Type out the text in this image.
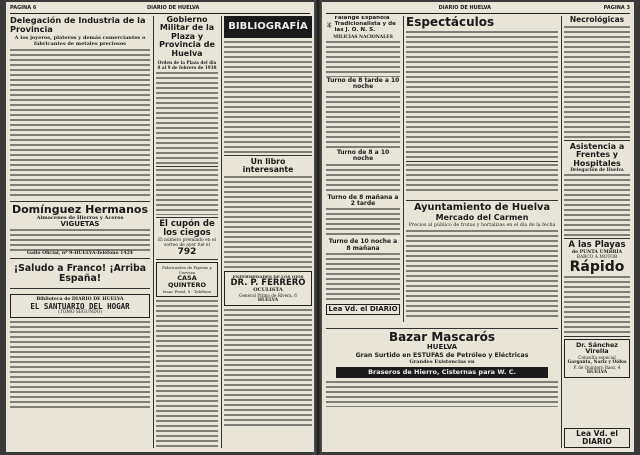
PAGINA 6	DIARIO DE HUELVA

Delegación de Industria de la Provincia

A los joyeros, plateros y demás comerciantes o fabricantes de metales preciosos

Domínguez Hermanos

Almacenes de Hierros y Aceros

VIGUETAS

Gallo Oficial, nº 9-HUELVA-Teléfono 1424

¡Saludo a Franco! ¡Arriba España!

Biblioteca de DIARIO DE HUELVA

EL SANTUARIO DEL HOGAR

(TOMO SEGUNDO)

Gobierno Militar de la Plaza y Provincia de Huelva

Orden de la Plaza del día 8 al 9 de febrero de 1938

El cupón de los ciegos

El número premiado en el sorteo de ayer fué el

792

Fabricantes de Pipetas y Cerveza

CASA QUINTERO

Isaac Peral, 8 - Teléfono

BIBLIOGRAFÍA

Un libro interesante

ENFERMEDADES DE LOS OJOS

DR. P. FERRERO

OCULISTA

General Primo de Rivera, 6

HUELVA

DIARIO DE HUELVA	PAGINA 3

Falange Española Tradicionalista y de las J. O. N. S.

MILICIAS NACIONALES

Turno de 8 tarde a 10 noche

Turno de 8 a 10 noche

Turno de 8 mañana a 2 tarde

Turno de 10 noche a 8 mañana

Lea Vd. el DIARIO

Espectáculos

Ayuntamiento de Huelva

Mercado del Carmen

Precios al público de frutas y hortalizas en el día de la fecha

Necrológicas

Asistencia a Frentes y Hospitales

Delegación de Huelva

A las Playas

de PUNTA UMBRÍA

BARCO A MOTOR

Rápido

Dr. Sánchez Virella

Consulta especial

Garganta, Nariz y Oídos

P. de Quintero Baez, 4

HUELVA

Bazar Mascarós

HUELVA

Gran Surtido en ESTUFAS de Petróleo y Eléctricas

Grandes Existencias en

Braseros de Hierro, Cisternas para W. C.

Lea Vd. el DIARIO
